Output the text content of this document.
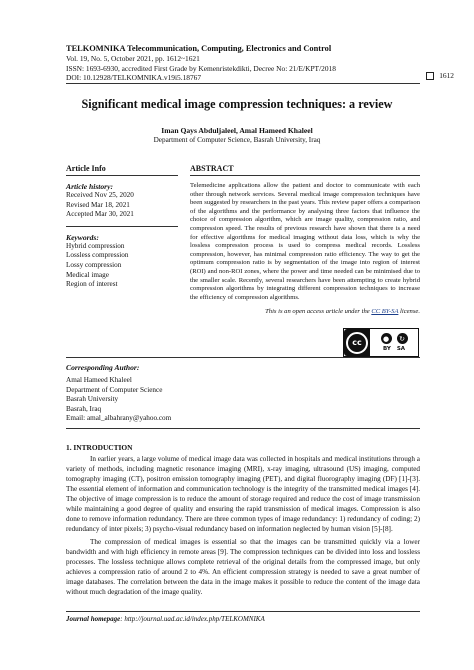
TELKOMNIKA Telecommunication, Computing, Electronics and Control
Vol. 19, No. 5, October 2021, pp. 1612~1621
ISSN: 1693-6930, accredited First Grade by Kemenristekdikti, Decree No: 21/E/KPT/2018
DOI: 10.12928/TELKOMNIKA.v19i5.18767	1612
Significant medical image compression techniques: a review
Iman Qays Abduljaleel, Amal Hameed Khaleel
Department of Computer Science, Basrah University, Iraq
Article Info
Article history:
Received Nov 25, 2020
Revised Mar 18, 2021
Accepted Mar 30, 2021
Keywords:
Hybrid compression
Lossless compression
Lossy compression
Medical image
Region of interest
ABSTRACT
Telemedicine applications allow the patient and doctor to communicate with each other through network services. Several medical image compression techniques have been suggested by researchers in the past years. This review paper offers a comparison of the algorithms and the performance by analysing three factors that influence the choice of compression algorithm, which are image quality, compression ratio, and compression speed. The results of previous research have shown that there is a need for effective algorithms for medical imaging without data loss, which is why the lossless compression process is used to compress medical records. Lossless compression, however, has minimal compression ratio efficiency. The way to get the optimum compression ratio is by segmentation of the image into region of interest (ROI) and non-ROI zones, where the power and time needed can be minimised due to the smaller scale. Recently, several researchers have been attempting to create hybrid compression algorithms by integrating different compression techniques to increase the efficiency of compression algorithms.
This is an open access article under the CC BY-SA license.
cc	●	↻
BY SA
Corresponding Author:
Amal Hameed Khaleel
Department of Computer Science
Basrah University
Basrah, Iraq
Email: amal_albahrany@yahoo.com
1. INTRODUCTION

In earlier years, a large volume of medical image data was collected in hospitals and medical institutions through a variety of methods, including magnetic resonance imaging (MRI), x-ray imaging, ultrasound (US) imaging, computed tomography imaging (CT), positron emission tomography imaging (PET), and digital fluorography imaging (DF) [1]-[3]. The essential element of information and communication technology is the integrity of the transmitted medical images [4]. The objective of image compression is to reduce the amount of storage required and reduce the cost of image transmission while maintaining a good degree of quality and ensuring the rapid transmission of medical images. Compression is also done to remove information redundancy. There are three common types of image redundancy: 1) redundancy of coding; 2) redundancy of inter pixels; 3) psycho-visual redundancy based on information neglected by human vision [5]-[8].

The compression of medical images is essential so that the images can be transmitted quickly via a lower bandwidth and with high efficiency in remote areas [9]. The compression techniques can be divided into loss and lossless processes. The lossless technique allows complete retrieval of the original details from the compressed image, but only achieves a compression ratio of around 2 to 4%. An efficient compression strategy is needed to save a great number of image databases. The correlation between the data in the image makes it possible to reduce the content of the image data without much degradation of the image quality.

Journal homepage: http://journal.uad.ac.id/index.php/TELKOMNIKA
